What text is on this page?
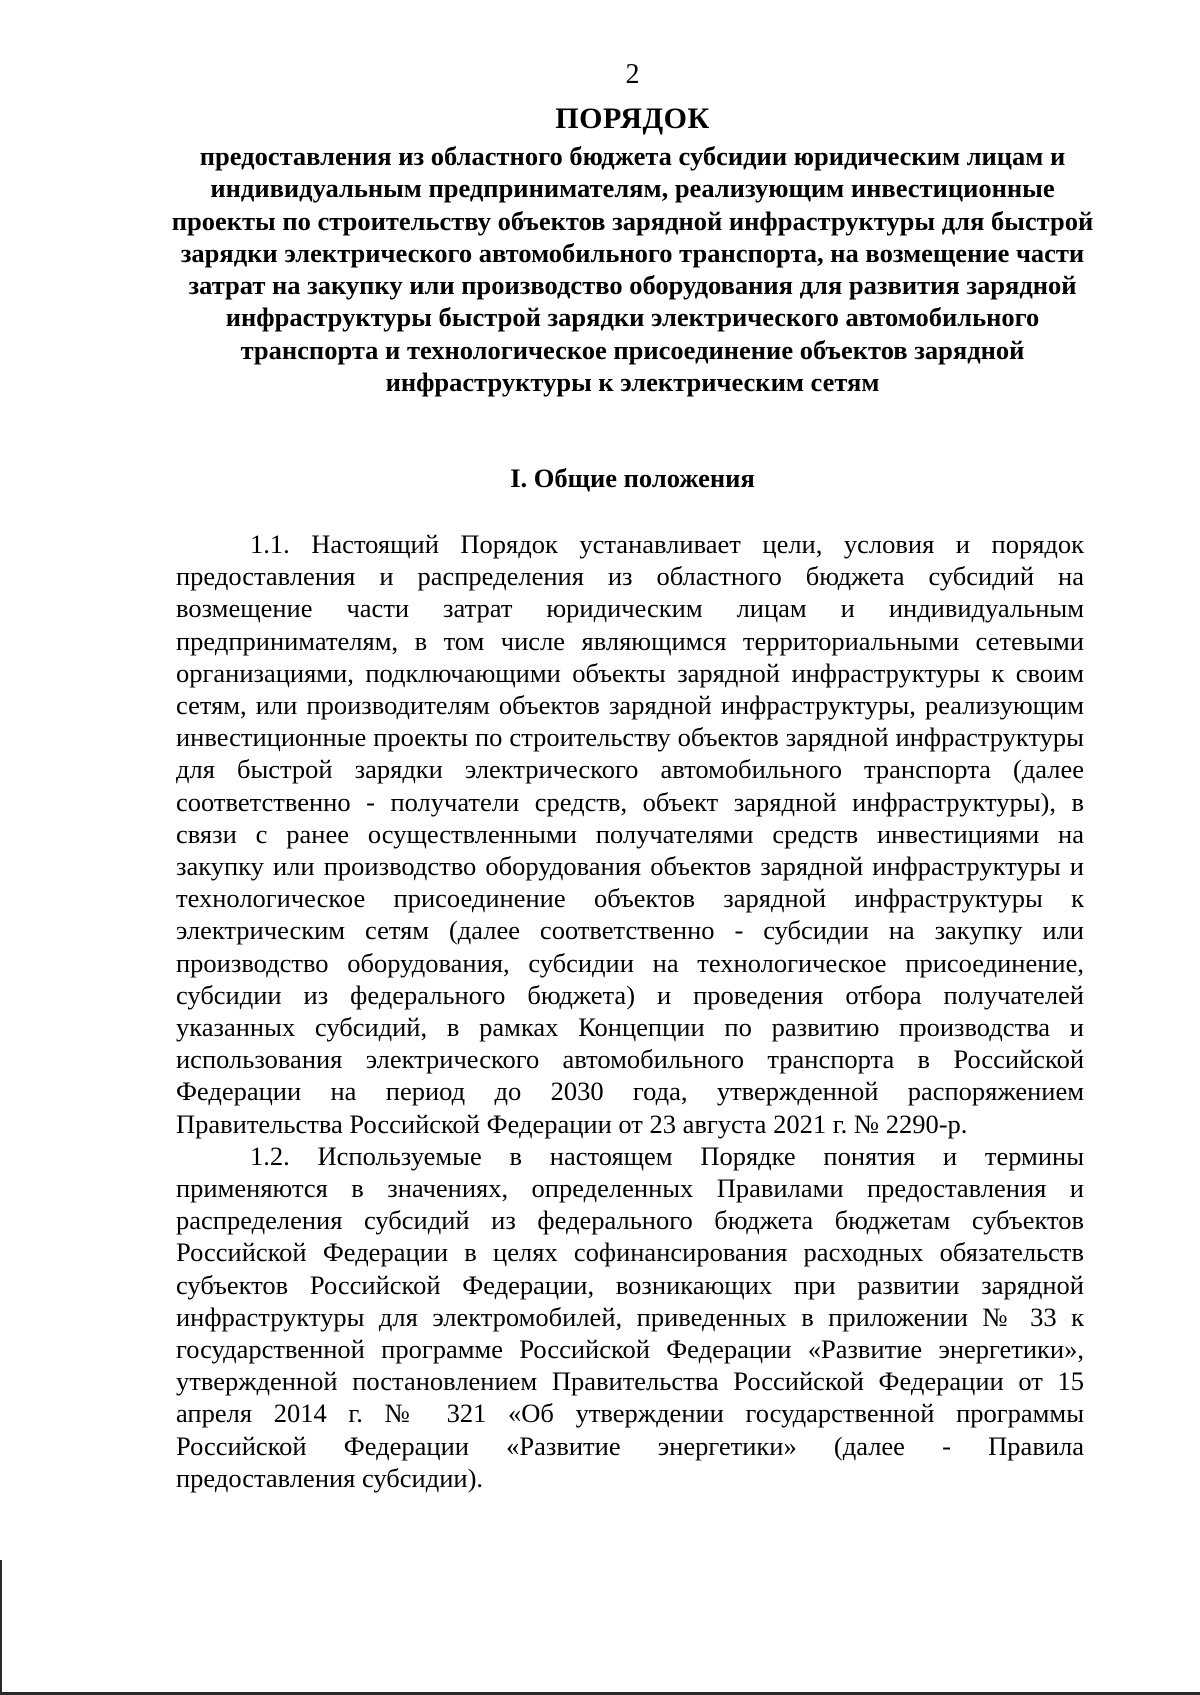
2
ПОРЯДОК
предоставления из областного бюджета субсидии юридическим лицам и индивидуальным предпринимателям, реализующим инвестиционные проекты по строительству объектов зарядной инфраструктуры для быстрой зарядки электрического автомобильного транспорта, на возмещение части затрат на закупку или производство оборудования для развития зарядной инфраструктуры быстрой зарядки электрического автомобильного транспорта и технологическое присоединение объектов зарядной инфраструктуры к электрическим сетям
I. Общие положения

1.1. Настоящий Порядок устанавливает цели, условия и порядок предоставления и распределения из областного бюджета субсидий на возмещение части затрат юридическим лицам и индивидуальным предпринимателям, в том числе являющимся территориальными сетевыми организациями, подключающими объекты зарядной инфраструктуры к своим сетям, или производителям объектов зарядной инфраструктуры, реализующим инвестиционные проекты по строительству объектов зарядной инфраструктуры для быстрой зарядки электрического автомобильного транспорта (далее соответственно - получатели средств, объект зарядной инфраструктуры), в связи с ранее осуществленными получателями средств инвестициями на закупку или производство оборудования объектов зарядной инфраструктуры и технологическое присоединение объектов зарядной инфраструктуры к электрическим сетям (далее соответственно - субсидии на закупку или производство оборудования, субсидии на технологическое присоединение, субсидии из федерального бюджета) и проведения отбора получателей указанных субсидий, в рамках Концепции по развитию производства и использования электрического автомобильного транспорта в Российской Федерации на период до 2030 года, утвержденной распоряжением Правительства Российской Федерации от 23 августа 2021 г. № 2290-р.

1.2. Используемые в настоящем Порядке понятия и термины применяются в значениях, определенных Правилами предоставления и распределения субсидий из федерального бюджета бюджетам субъектов Российской Федерации в целях софинансирования расходных обязательств субъектов Российской Федерации, возникающих при развитии зарядной инфраструктуры для электромобилей, приведенных в приложении № 33 к государственной программе Российской Федерации «Развитие энергетики», утвержденной постановлением Правительства Российской Федерации от 15 апреля 2014 г. № 321 «Об утверждении государственной программы Российской Федерации «Развитие энергетики» (далее - Правила предоставления субсидии).
